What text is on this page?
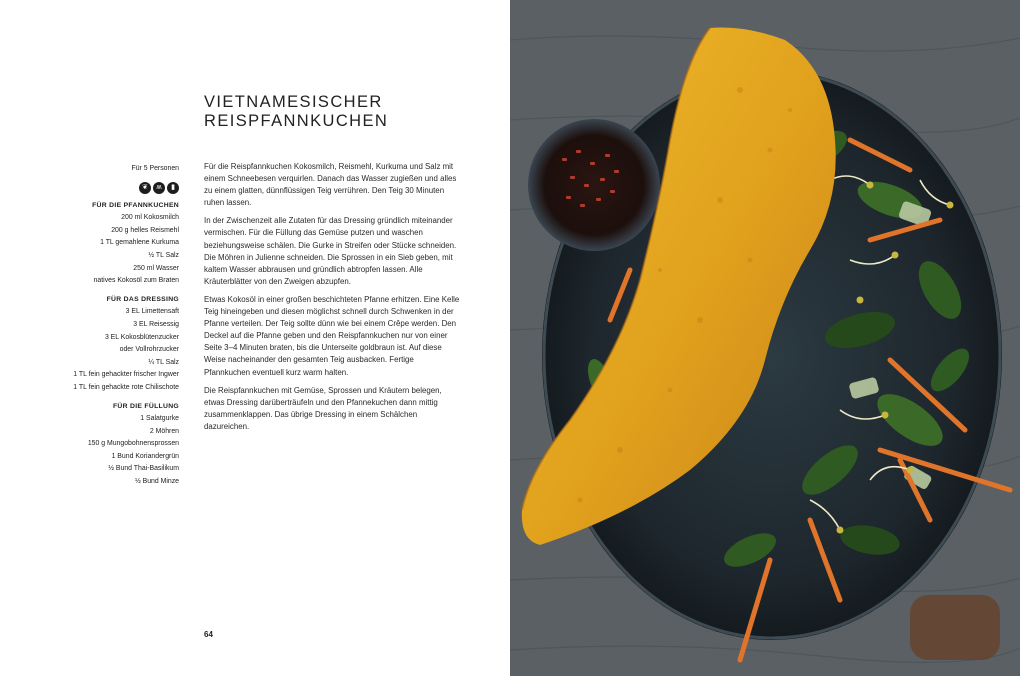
VIETNAMESISCHER
REISPFANNKUCHEN
Für 5 Personen
❦	ʍ	▮
FÜR DIE PFANNKUCHEN
200 ml Kokosmilch
200 g helles Reismehl
1 TL gemahlene Kurkuma
½ TL Salz
250 ml Wasser
natives Kokosöl zum Braten
FÜR DAS DRESSING
3 EL Limettensaft
3 EL Reisessig
3 EL Kokosblütenzucker
oder Vollrohrzucker
¼ TL Salz
1 TL fein gehackter frischer Ingwer
1 TL fein gehackte rote Chilischote
FÜR DIE FÜLLUNG
1 Salatgurke
2 Möhren
150 g Mungobohnensprossen
1 Bund Koriandergrün
½ Bund Thai-Basilikum
½ Bund Minze

Für die Reispfannkuchen Kokosmilch, Reismehl, Kurkuma und Salz mit einem Schneebesen verquirlen. Danach das Wasser zugießen und alles zu einem glatten, dünnflüssigen Teig verrühren. Den Teig 30 Minuten ruhen lassen.

In der Zwischenzeit alle Zutaten für das Dressing gründlich miteinander vermischen. Für die Füllung das Gemüse putzen und waschen beziehungsweise schälen. Die Gurke in Streifen oder Stücke schneiden. Die Möhren in Julienne schneiden. Die Sprossen in ein Sieb geben, mit kaltem Wasser abbrausen und gründlich abtropfen lassen. Alle Kräuterblätter von den Zweigen abzupfen.

Etwas Kokosöl in einer großen beschichteten Pfanne erhitzen. Eine Kelle Teig hineingeben und diesen möglichst schnell durch Schwenken in der Pfanne verteilen. Der Teig sollte dünn wie bei einem Crêpe werden. Den Deckel auf die Pfanne geben und den Reispfannkuchen nur von einer Seite 3–4 Minuten braten, bis die Unterseite goldbraun ist. Auf diese Weise nacheinander den gesamten Teig ausbacken. Fertige Pfannkuchen eventuell kurz warm halten.

Die Reispfannkuchen mit Gemüse, Sprossen und Kräutern belegen, etwas Dressing darüberträufeln und den Pfannekuchen dann mittig zusammenklappen. Das übrige Dressing in einem Schälchen dazureichen.

64
